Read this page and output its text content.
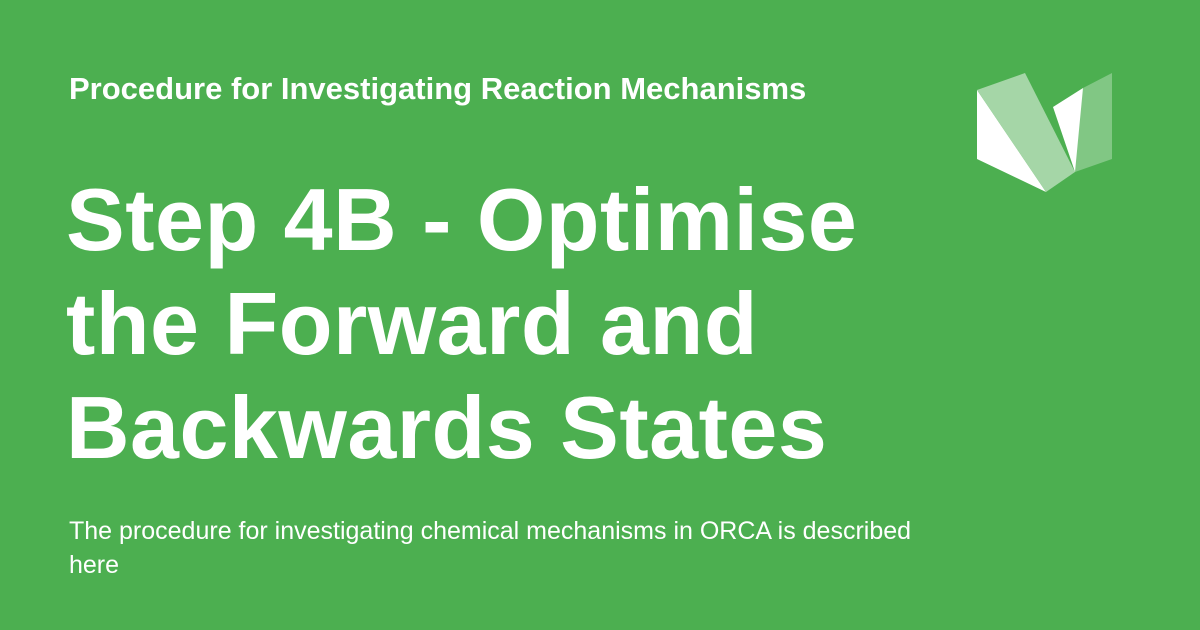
Procedure for Investigating Reaction Mechanisms
Step 4B - Optimise the Forward and Backwards States
The procedure for investigating chemical mechanisms in ORCA is described here
